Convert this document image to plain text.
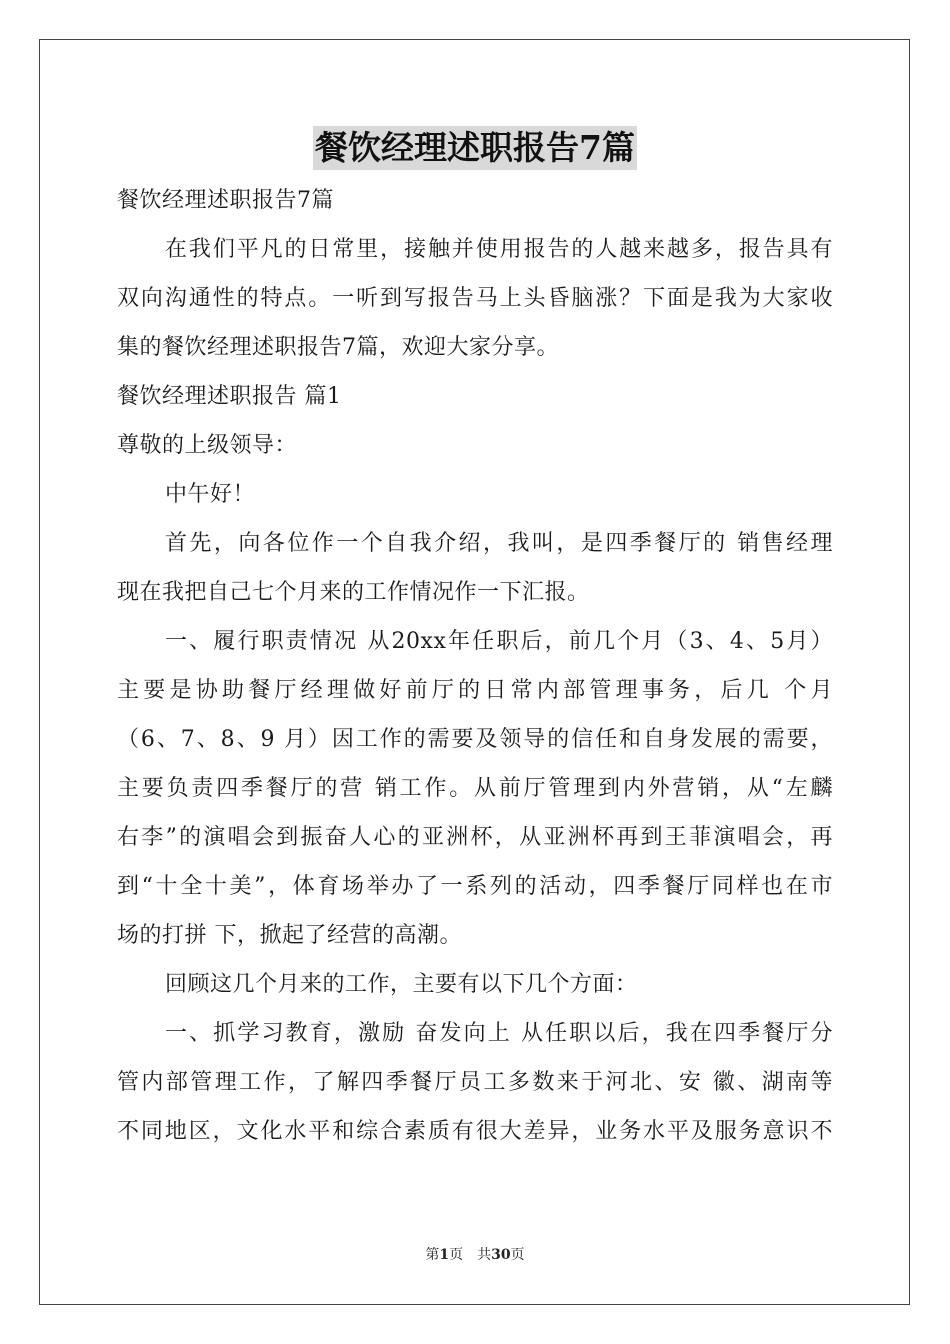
餐饮经理述职报告7篇
餐饮经理述职报告7篇
在我们平凡的日常里，接触并使用报告的人越来越多，报告具有
双向沟通性的特点。一听到写报告马上头昏脑涨？下面是我为大家收
集的餐饮经理述职报告7篇，欢迎大家分享。
餐饮经理述职报告 篇1
尊敬的上级领导：
中午好！
首先，向各位作一个自我介绍，我叫，是四季餐厅的 销售经理
现在我把自己七个月来的工作情况作一下汇报。
一、履行职责情况 从20xx年任职后，前几个月（3、4、5月）
主要是协助餐厅经理做好前厅的日常内部管理事务，后几 个月
（6、7、8、9 月）因工作的需要及领导的信任和自身发展的需要，
主要负责四季餐厅的营 销工作。从前厅管理到内外营销，从“左麟
右李”的演唱会到振奋人心的亚洲杯，从亚洲杯再到王菲演唱会，再
到“十全十美”，体育场举办了一系列的活动，四季餐厅同样也在市
场的打拼 下，掀起了经营的高潮。
回顾这几个月来的工作，主要有以下几个方面：
一、抓学习教育，激励 奋发向上 从任职以后，我在四季餐厅分
管内部管理工作，了解四季餐厅员工多数来于河北、安 徽、湖南等
不同地区，文化水平和综合素质有很大差异，业务水平及服务意识不
第1页　共30页
